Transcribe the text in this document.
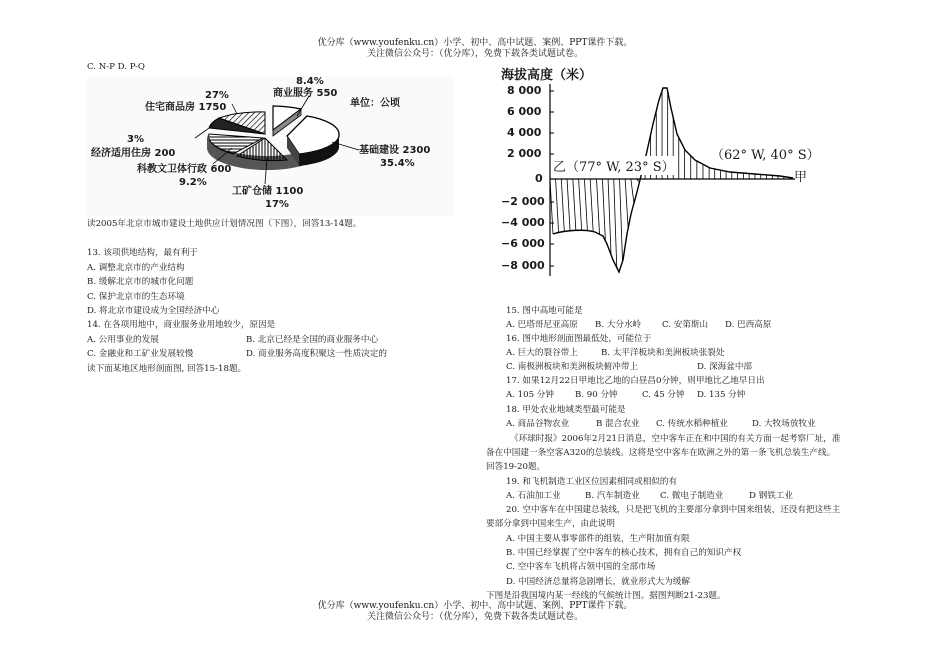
优分库（www.youfenku.cn）小学、初中、高中试题、案例、PPT课件下载。
关注微信公众号：（优分库），免费下载各类试题试卷。
优分库（www.youfenku.cn）小学、初中、高中试题、案例、PPT课件下载。
关注微信公众号：（优分库），免费下载各类试题试卷。
C. N-P D. P-Q
8.4%
商业服务 550
单位：公顷
27%
住宅商品房 1750
3%
经济适用住房 200
科教文卫体行政 600
9.2%
工矿仓储 1100
17%
基础建设 2300
35.4%
读2005年北京市城市建设土地供应计划情况图（下图），回答13-14题。
13. 该项供地结构，最有利于
A. 调整北京市的产业结构
B. 缓解北京市的城市化问题
C. 保护北京市的生态环境
D. 将北京市建设成为全国经济中心
14. 在各项用地中，商业服务业用地较少，原因是
A. 公用事业的发展	B. 北京已经是全国的商业服务中心
C. 金融业和工矿业发展较慢	D. 商业服务高度积聚这一性质决定的
读下面某地区地形剖面图, 回答15-18题。
海拔高度（米）
8 000
6 000
4 000
2 000
0
−2 000
−4 000
−6 000
−8 000
乙（77° W, 23° S）
（62° W, 40° S）
甲
15. 图中高地可能是
A. 巴塔哥尼亚高原 B. 大分水岭 C. 安第斯山 D. 巴西高原
16. 图中地形剖面图最低处，可能位于
A. 巨大的裂谷带上	B. 太平洋板块和美洲板块张裂处
C. 南极洲板块和美洲板块俯冲带上	D. 深海盆中部
17. 如果12月22日甲地比乙地的白昼昌0分钟，则甲地比乙地早日出
A. 105 分钟 B. 90 分钟	C. 45 分钟 D. 135 分钟
18. 甲处农业地域类型最可能是
A. 商品谷物农业	B 混合农业 C. 传统水稻种植业	D. 大牧场放牧业
《环球时报》2006年2月21日消息，空中客车正在和中国的有关方面一起考察厂址，准
备在中国建一条空客A320的总装线。这将是空中客车在欧洲之外的第一条飞机总装生产线。
回答19-20题。
19. 和飞机制造工业区位因素相同或相似的有
A. 石油加工业	B. 汽车制造业 C. 微电子制造业	D 钢铁工业
20. 空中客车在中国建总装线，只是把飞机的主要部分拿到中国来组装，还没有把这些主
要部分拿到中国来生产，由此说明
A. 中国主要从事零部件的组装，生产附加值有限
B. 中国已经掌握了空中客车的核心技术，拥有自己的知识产权
C. 空中客车飞机将占领中国的全部市场
D. 中国经济总量将急剧增长，就业形式大为缓解
下图是沿我国境内某一经线的气候统计图。据图判断21-23题。
